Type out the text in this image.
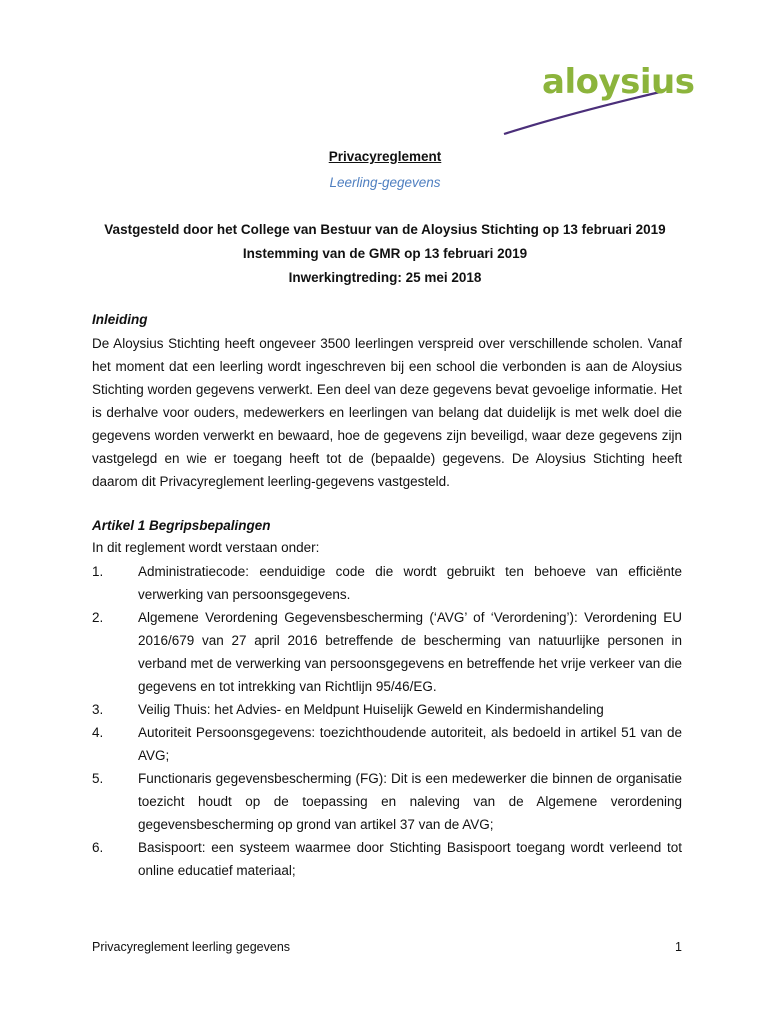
aloysius
Privacyreglement
Leerling-gegevens
Vastgesteld door het College van Bestuur van de Aloysius Stichting op 13 februari 2019
Instemming van de GMR op 13 februari 2019
Inwerkingtreding: 25 mei 2018
Inleiding
De Aloysius Stichting heeft ongeveer 3500 leerlingen verspreid over verschillende scholen. Vanaf het moment dat een leerling wordt ingeschreven bij een school die verbonden is aan de Aloysius Stichting worden gegevens verwerkt. Een deel van deze gegevens bevat gevoelige informatie. Het is derhalve voor ouders, medewerkers en leerlingen van belang dat duidelijk is met welk doel die gegevens worden verwerkt en bewaard, hoe de gegevens zijn beveiligd, waar deze gegevens zijn vastgelegd en wie er toegang heeft tot de (bepaalde) gegevens. De Aloysius Stichting heeft daarom dit Privacyreglement leerling-gegevens vastgesteld.
Artikel 1 Begripsbepalingen
In dit reglement wordt verstaan onder:
1.	Administratiecode: eenduidige code die wordt gebruikt ten behoeve van efficiënte verwerking van persoonsgegevens.
2.	Algemene Verordening Gegevensbescherming (‘AVG’ of ‘Verordening’): Verordening EU 2016/679 van 27 april 2016 betreffende de bescherming van natuurlijke personen in verband met de verwerking van persoonsgegevens en betreffende het vrije verkeer van die gegevens en tot intrekking van Richtlijn 95/46/EG.
3.	Veilig Thuis: het Advies- en Meldpunt Huiselijk Geweld en Kindermishandeling
4.	Autoriteit Persoonsgegevens: toezichthoudende autoriteit, als bedoeld in artikel 51 van de AVG;
5.	Functionaris gegevensbescherming (FG): Dit is een medewerker die binnen de organisatie toezicht houdt op de toepassing en naleving van de Algemene verordening gegevensbescherming op grond van artikel 37 van de AVG;
6.	Basispoort: een systeem waarmee door Stichting Basispoort toegang wordt verleend tot online educatief materiaal;
Privacyreglement leerling gegevens	1
